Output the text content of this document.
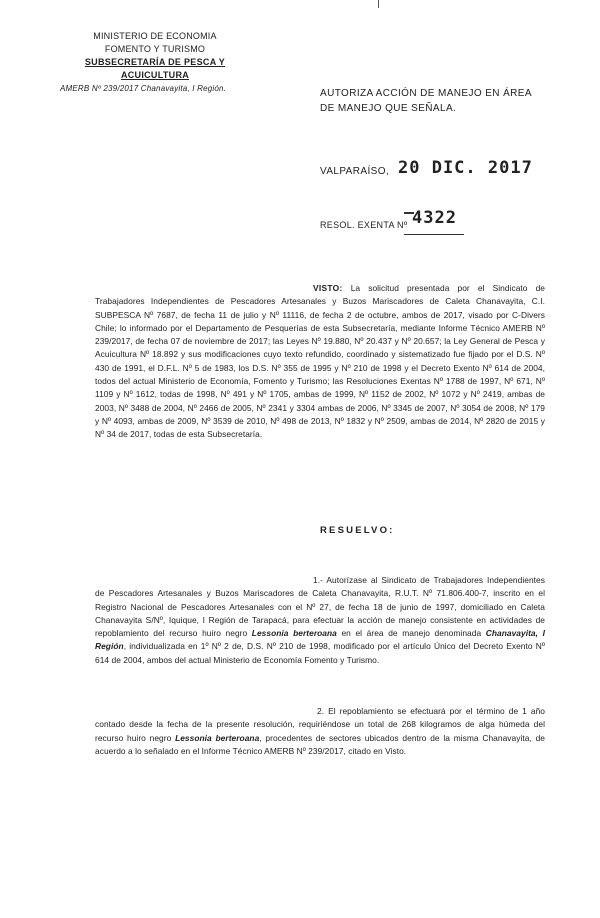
MINISTERIO DE ECONOMIA
FOMENTO Y TURISMO
SUBSECRETARÍA DE PESCA Y ACUICULTURA
AMERB Nº 239/2017 Chanavayita, I Región.	AUTORIZA ACCIÓN DE MANEJO EN ÁREA DE MANEJO QUE SEÑALA.
VALPARAÍSO, 20 DIC. 2017
RESOL. EXENTA Nº 4322
VISTO: La solicitud presentada por el Sindicato de Trabajadores Independientes de Pescadores Artesanales y Buzos Mariscadores de Caleta Chanavayita, C.I. SUBPESCA Nº 7687, de fecha 11 de julio y Nº 11116, de fecha 2 de octubre, ambos de 2017, visado por C-Divers Chile; lo informado por el Departamento de Pesquerías de esta Subsecretaría, mediante Informe Técnico AMERB Nº 239/2017, de fecha 07 de noviembre de 2017; las Leyes Nº 19.880, Nº 20.437 y Nº 20.657; la Ley General de Pesca y Acuicultura Nº 18.892 y sus modificaciones cuyo texto refundido, coordinado y sistematizado fue fijado por el D.S. Nº 430 de 1991, el D.F.L. Nº 5 de 1983, los D.S. Nº 355 de 1995 y Nº 210 de 1998 y el Decreto Exento Nº 614 de 2004, todos del actual Ministerio de Economía, Fomento y Turismo; las Resoluciones Exentas Nº 1788 de 1997, Nº 671, Nº 1109 y Nº 1612, todas de 1998, Nº 491 y Nº 1705, ambas de 1999, Nº 1152 de 2002, Nº 1072 y Nº 2419, ambas de 2003, Nº 3488 de 2004, Nº 2466 de 2005, Nº 2341 y 3304 ambas de 2006, Nº 3345 de 2007, Nº 3054 de 2008, Nº 179 y Nº 4093, ambas de 2009, Nº 3539 de 2010, Nº 498 de 2013, Nº 1832 y Nº 2509, ambas de 2014, Nº 2820 de 2015 y Nº 34 de 2017, todas de esta Subsecretaría.
RESUELVO:
1.- Autorízase al Sindicato de Trabajadores Independientes de Pescadores Artesanales y Buzos Mariscadores de Caleta Chanavayita, R.U.T. Nº 71.806.400-7, inscrito en el Registro Nacional de Pescadores Artesanales con el Nº 27, de fecha 18 de junio de 1997, domiciliado en Caleta Chanavayita S/Nº, Iquique, I Región de Tarapacá, para efectuar la acción de manejo consistente en actividades de repoblamiento del recurso huiro negro Lessonia berteroana en el área de manejo denominada Chanavayita, I Región, individualizada en 1º Nº 2 de, D.S. Nº 210 de 1998, modificado por el artículo Único del Decreto Exento Nº 614 de 2004, ambos del actual Ministerio de Economía Fomento y Turismo.
2. El repoblamiento se efectuará por el término de 1 año contado desde la fecha de la presente resolución, requiriéndose un total de 268 kilogramos de alga húmeda del recurso huiro negro Lessonia berteroana, procedentes de sectores ubicados dentro de la misma Chanavayita, de acuerdo a lo señalado en el Informe Técnico AMERB Nº 239/2017, citado en Visto.
